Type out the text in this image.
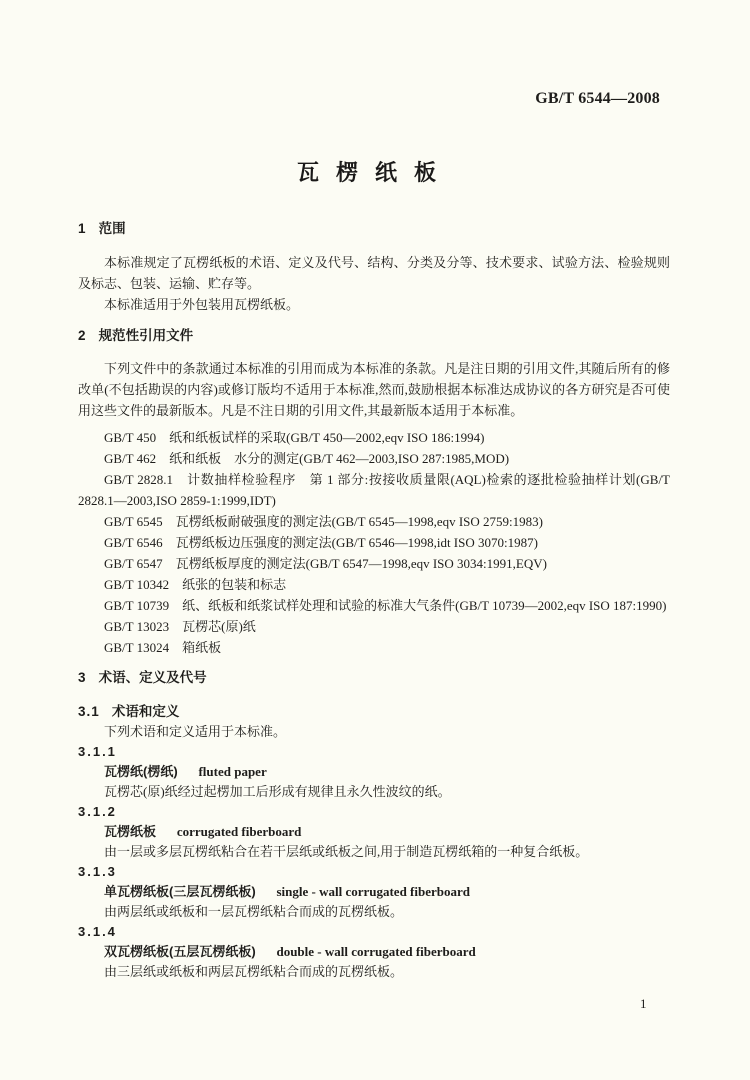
GB/T 6544—2008
瓦楞纸板

1 范围

本标准规定了瓦楞纸板的术语、定义及代号、结构、分类及分等、技术要求、试验方法、检验规则及标志、包装、运输、贮存等。

本标准适用于外包装用瓦楞纸板。

2 规范性引用文件

下列文件中的条款通过本标准的引用而成为本标准的条款。凡是注日期的引用文件,其随后所有的修改单(不包括勘误的内容)或修订版均不适用于本标准,然而,鼓励根据本标准达成协议的各方研究是否可使用这些文件的最新版本。凡是不注日期的引用文件,其最新版本适用于本标准。

GB/T 450　纸和纸板试样的采取(GB/T 450—2002,eqv ISO 186:1994)

GB/T 462　纸和纸板　水分的测定(GB/T 462—2003,ISO 287:1985,MOD)

GB/T 2828.1　计数抽样检验程序　第 1 部分:按接收质量限(AQL)检索的逐批检验抽样计划(GB/T 2828.1—2003,ISO 2859-1:1999,IDT)

GB/T 6545　瓦楞纸板耐破强度的测定法(GB/T 6545—1998,eqv ISO 2759:1983)

GB/T 6546　瓦楞纸板边压强度的测定法(GB/T 6546—1998,idt ISO 3070:1987)

GB/T 6547　瓦楞纸板厚度的测定法(GB/T 6547—1998,eqv ISO 3034:1991,EQV)

GB/T 10342　纸张的包装和标志

GB/T 10739　纸、纸板和纸浆试样处理和试验的标准大气条件(GB/T 10739—2002,eqv ISO 187:1990)

GB/T 13023　瓦楞芯(原)纸

GB/T 13024　箱纸板

3 术语、定义及代号

3.1 术语和定义

下列术语和定义适用于本标准。

3.1.1

瓦楞纸(楞纸) fluted paper

瓦楞芯(原)纸经过起楞加工后形成有规律且永久性波纹的纸。

3.1.2

瓦楞纸板 corrugated fiberboard

由一层或多层瓦楞纸粘合在若干层纸或纸板之间,用于制造瓦楞纸箱的一种复合纸板。

3.1.3

单瓦楞纸板(三层瓦楞纸板) single - wall corrugated fiberboard

由两层纸或纸板和一层瓦楞纸粘合而成的瓦楞纸板。

3.1.4

双瓦楞纸板(五层瓦楞纸板) double - wall corrugated fiberboard

由三层纸或纸板和两层瓦楞纸粘合而成的瓦楞纸板。

1
